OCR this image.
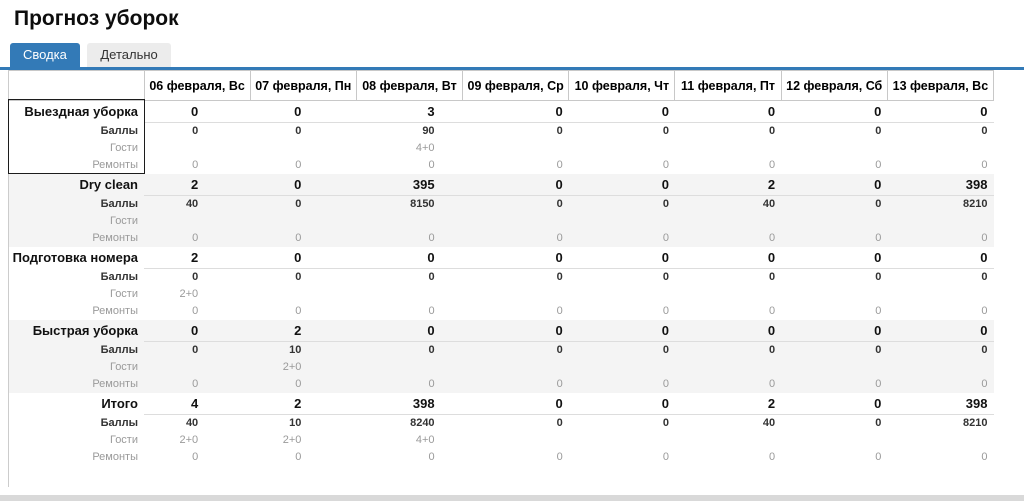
Прогноз уборок
Сводка	Детально
	06 февраля, Вс	07 февраля, Пн	08 февраля, Вт	09 февраля, Ср	10 февраля, Чт	11 февраля, Пт	12 февраля, Сб	13 февраля, Вс
Выездная уборка	0	0	3	0	0	0	0	0
Баллы	0	0	90	0	0	0	0	0
Гости			4+0					
Ремонты	0	0	0	0	0	0	0	0
Dry clean	2	0	395	0	0	2	0	398
Баллы	40	0	8150	0	0	40	0	8210
Гости								
Ремонты	0	0	0	0	0	0	0	0
Подготовка номера	2	0	0	0	0	0	0	0
Баллы	0	0	0	0	0	0	0	0
Гости	2+0							
Ремонты	0	0	0	0	0	0	0	0
Быстрая уборка	0	2	0	0	0	0	0	0
Баллы	0	10	0	0	0	0	0	0
Гости		2+0						
Ремонты	0	0	0	0	0	0	0	0
Итого	4	2	398	0	0	2	0	398
Баллы	40	10	8240	0	0	40	0	8210
Гости	2+0	2+0	4+0					
Ремонты	0	0	0	0	0	0	0	0
